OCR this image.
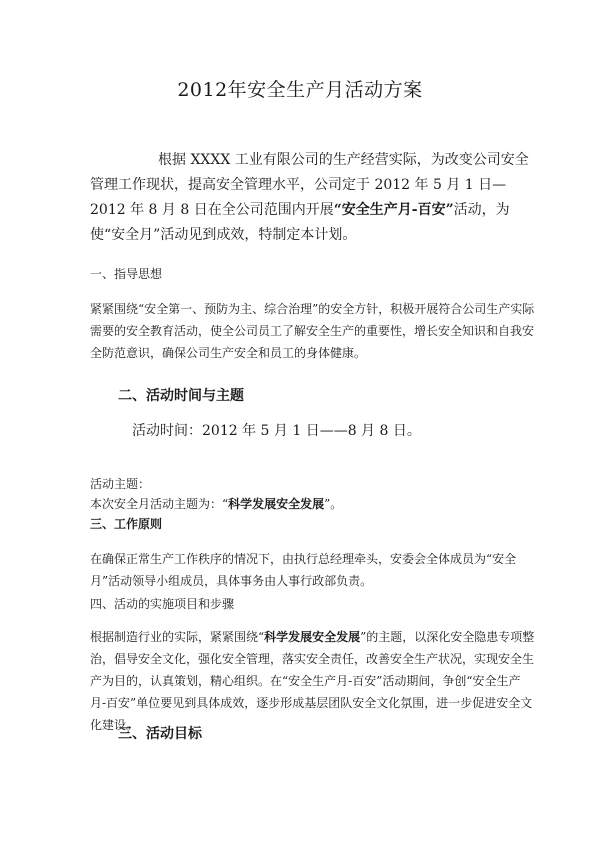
2012年安全生产月活动方案
根据 XXXX 工业有限公司的生产经营实际，为改变公司安全管理工作现状，提高安全管理水平，公司定于 2012 年 5 月 1 日—2012 年 8 月 8 日在全公司范围内开展“安全生产月-百安”活动，为使“安全月”活动见到成效，特制定本计划。
一、指导思想
紧紧围绕“安全第一、预防为主、综合治理”的安全方针，积极开展符合公司生产实际需要的安全教育活动，使全公司员工了解安全生产的重要性，增长安全知识和自我安全防范意识，确保公司生产安全和员工的身体健康。
二、活动时间与主题
活动时间：2012 年 5 月 1 日——8 月 8 日。
活动主题：
本次安全月活动主题为：“科学发展安全发展”。
三、工作原则
在确保正常生产工作秩序的情况下，由执行总经理牵头，安委会全体成员为“安全月”活动领导小组成员，具体事务由人事行政部负责。
四、活动的实施项目和步骤
根据制造行业的实际，紧紧围绕“科学发展安全发展”的主题，以深化安全隐患专项整治，倡导安全文化，强化安全管理，落实安全责任，改善安全生产状况，实现安全生产为目的，认真策划，精心组织。在“安全生产月-百安”活动期间，争创“安全生产月-百安”单位要见到具体成效，逐步形成基层团队安全文化氛围，进一步促进安全文化建设。
三、活动目标
